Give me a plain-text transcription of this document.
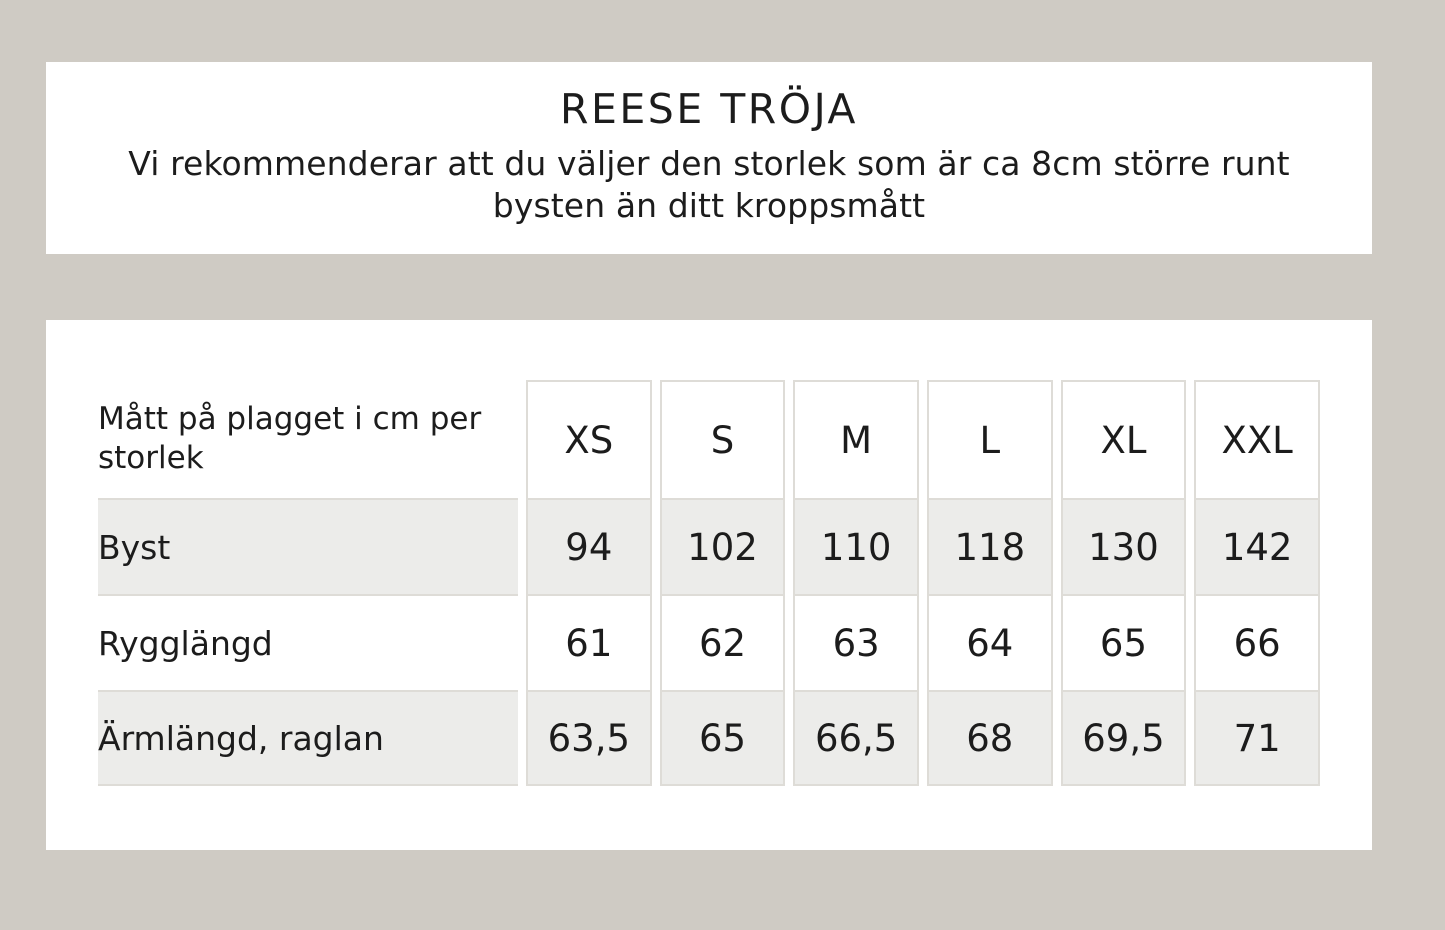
REESE TRÖJA
Vi rekommenderar att du väljer den storlek som är ca 8cm större runt bysten än ditt kroppsmått
Mått på plagget i cm per storlek	XS	S	M	L	XL	XXL
Byst	94	102	110	118	130	142
Rygglängd	61	62	63	64	65	66
Ärmlängd, raglan	63,5	65	66,5	68	69,5	71
